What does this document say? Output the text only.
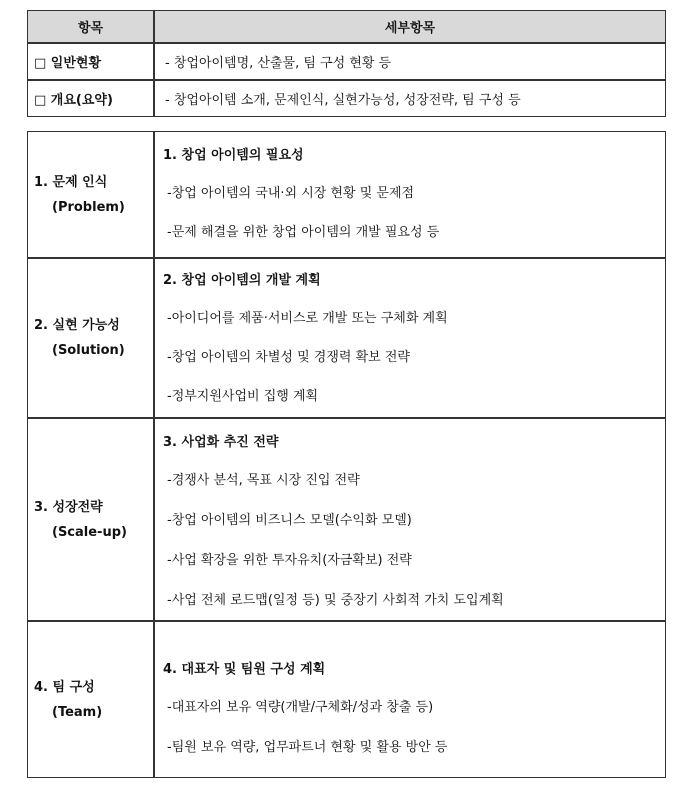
항목	세부항목
□ 일반현황	- 창업아이템명, 산출물, 팀 구성 현황 등
□ 개요(요약)	- 창업아이템 소개, 문제인식, 실현가능성, 성장전략, 팀 구성 등
1. 문제 인식
(Problem)	1. 창업 아이템의 필요성
-창업 아이템의 국내·외 시장 현황 및 문제점
-문제 해결을 위한 창업 아이템의 개발 필요성 등

2. 실현 가능성
(Solution)	2. 창업 아이템의 개발 계획
-아이디어를 제품·서비스로 개발 또는 구체화 계획
-창업 아이템의 차별성 및 경쟁력 확보 전략
-정부지원사업비 집행 계획

3. 성장전략
(Scale-up)	3. 사업화 추진 전략
-경쟁사 분석, 목표 시장 진입 전략
-창업 아이템의 비즈니스 모델(수익화 모델)
-사업 확장을 위한 투자유치(자금확보) 전략
-사업 전체 로드맵(일정 등) 및 중장기 사회적 가치 도입계획

4. 팀 구성
(Team)	4. 대표자 및 팀원 구성 계획
-대표자의 보유 역량(개발/구체화/성과 창출 등)
-팀원 보유 역량, 업무파트너 현황 및 활용 방안 등
